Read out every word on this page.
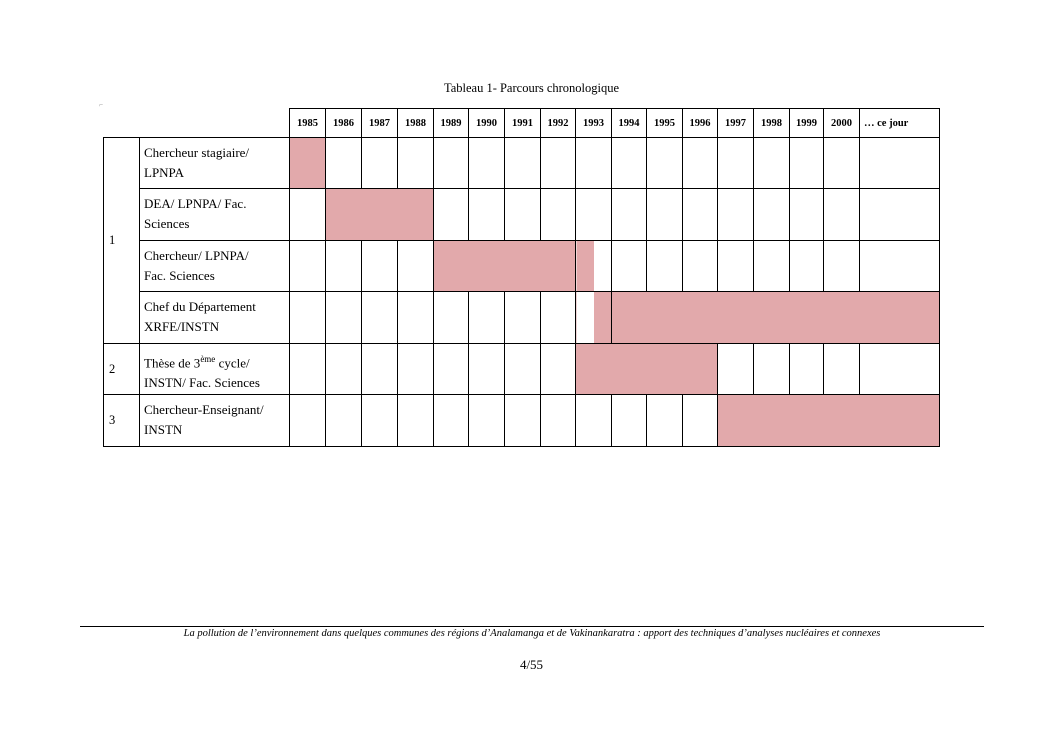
Tableau 1- Parcours chronologique
⌐
		1985	1986	1987	1988	1989	1990	1991	1992	1993	1994	1995	1996	1997	1998	1999	2000	… ce jour
1	Chercheur stagiaire/
LPNPA																	
	DEA/ LPNPA/ Fac.
Sciences																	
	Chercheur/ LPNPA/
Fac. Sciences																	
	Chef du Département
XRFE/INSTN																	
2	Thèse de 3ème cycle/
INSTN/ Fac. Sciences																	
3	Chercheur-Enseignant/
INSTN																	
La pollution de l’environnement dans quelques communes des régions d’Analamanga et de Vakinankaratra : apport des techniques d’analyses nucléaires et connexes
4/55
